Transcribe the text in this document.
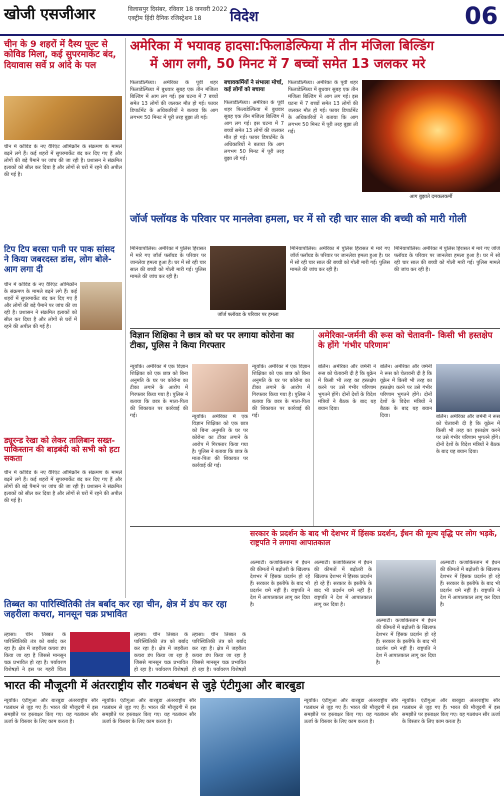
खोजी एसजीआर	विलासपुर दिसंबर, रविवार 18 जनवरी 2022
एक्ट्रीम हिंदी दैनिक रजिस्ट्रेशन 18	विदेश	06
चीन के 9 शहरों में दैस्य पुल्ट से कोविड मिला, कई सुपरमार्केट बंद, दियावास सर्वे प्र आंदे के पल
चीन में कोविड के नए वैरिएंट ओमिक्रॉन के संक्रमण के मामले बढ़ने लगे हैं। कई शहरों में सुपरमार्केट बंद कर दिए गए हैं और लोगों की बड़े पैमाने पर जांच की जा रही है। प्रशासन ने संक्रमित इलाकों को सील कर दिया है और लोगों से घरों में रहने की अपील की गई है।
टिप टिप बरसा पानी पर पाक सांसद ने किया जबरदस्त डांस, लोग बोले- आग लगा दी
चीन में कोविड के नए वैरिएंट ओमिक्रॉन के संक्रमण के मामले बढ़ने लगे हैं। कई शहरों में सुपरमार्केट बंद कर दिए गए हैं और लोगों की बड़े पैमाने पर जांच की जा रही है। प्रशासन ने संक्रमित इलाकों को सील कर दिया है और लोगों से घरों में रहने की अपील की गई है।
ड्यूरन्ड रेखा को लेकर तालिबान सख्त-पाकिस्तान की बाड़बंदी को सभी को हटा सकता
चीन में कोविड के नए वैरिएंट ओमिक्रॉन के संक्रमण के मामले बढ़ने लगे हैं। कई शहरों में सुपरमार्केट बंद कर दिए गए हैं और लोगों की बड़े पैमाने पर जांच की जा रही है। प्रशासन ने संक्रमित इलाकों को सील कर दिया है और लोगों से घरों में रहने की अपील की गई है।
अमेरिका में भयावह हादसा:फिलाडेल्फिया में तीन मंजिला बिल्डिंग
में आग लगी, 50 मिनट में 7 बच्चों समेत 13 जलकर मरे
फिलाडेल्फिया। अमेरिका के पूर्वी शहर फिलाडेल्फिया में बुधवार सुबह एक तीन मंजिला बिल्डिंग में आग लग गई। इस घटना में 7 बच्चों समेत 13 लोगों की जलकर मौत हो गई। फायर डिपार्टमेंट के अधिकारियों ने बताया कि आग लगभग 50 मिनट में पूरी तरह बुझा ली गई।
बचावकर्मियों ने संभाला मोर्चा, कई लोगों को बचाया
फिलाडेल्फिया। अमेरिका के पूर्वी शहर फिलाडेल्फिया में बुधवार सुबह एक तीन मंजिला बिल्डिंग में आग लग गई। इस घटना में 7 बच्चों समेत 13 लोगों की जलकर मौत हो गई। फायर डिपार्टमेंट के अधिकारियों ने बताया कि आग लगभग 50 मिनट में पूरी तरह बुझा ली गई।
फिलाडेल्फिया। अमेरिका के पूर्वी शहर फिलाडेल्फिया में बुधवार सुबह एक तीन मंजिला बिल्डिंग में आग लग गई। इस घटना में 7 बच्चों समेत 13 लोगों की जलकर मौत हो गई। फायर डिपार्टमेंट के अधिकारियों ने बताया कि आग लगभग 50 मिनट में पूरी तरह बुझा ली गई।
आग बुझाते दमकलकर्मी
जॉर्ज फ्लॉयड के परिवार पर मानलेवा हमला, घर में सो रही चार साल की बच्ची को मारी गोली
मिनियापोलिस। अमेरिका में पुलिस हिरासत में मारे गए जॉर्ज फ्लॉयड के परिवार पर जानलेवा हमला हुआ है। घर में सो रही चार साल की बच्ची को गोली मारी गई। पुलिस मामले की जांच कर रही है।
जॉर्ज फ्लॉयड के परिवार पर हमला
मिनियापोलिस। अमेरिका में पुलिस हिरासत में मारे गए जॉर्ज फ्लॉयड के परिवार पर जानलेवा हमला हुआ है। घर में सो रही चार साल की बच्ची को गोली मारी गई। पुलिस मामले की जांच कर रही है।
मिनियापोलिस। अमेरिका में पुलिस हिरासत में मारे गए जॉर्ज फ्लॉयड के परिवार पर जानलेवा हमला हुआ है। घर में सो रही चार साल की बच्ची को गोली मारी गई। पुलिस मामले की जांच कर रही है।
विज्ञान शिक्षिका ने छात्र को घर पर लगाया कोरोना का टीका, पुलिस ने किया गिरफ्तार
न्यूयॉर्क। अमेरिका में एक विज्ञान शिक्षिका को एक छात्र को बिना अनुमति के घर पर कोरोना का टीका लगाने के आरोप में गिरफ्तार किया गया है। पुलिस ने बताया कि छात्र के माता-पिता की शिकायत पर कार्रवाई की गई।	न्यूयॉर्क। अमेरिका में एक विज्ञान शिक्षिका को एक छात्र को बिना अनुमति के घर पर कोरोना का टीका लगाने के आरोप में गिरफ्तार किया गया है। पुलिस ने बताया कि छात्र के माता-पिता की शिकायत पर कार्रवाई की गई।
न्यूयॉर्क। अमेरिका में एक विज्ञान शिक्षिका को एक छात्र को बिना अनुमति के घर पर कोरोना का टीका लगाने के आरोप में गिरफ्तार किया गया है। पुलिस ने बताया कि छात्र के माता-पिता की शिकायत पर कार्रवाई की गई।
अमेरिका-जर्मनी की रूस को चेतावनी- किसी भी हस्तक्षेप के होंगे 'गंभीर परिणाम'
बर्लिन। अमेरिका और जर्मनी ने रूस को चेतावनी दी है कि यूक्रेन में किसी भी तरह का हस्तक्षेप करने पर उसे गंभीर परिणाम भुगतने होंगे। दोनों देशों के विदेश मंत्रियों ने बैठक के बाद यह बयान दिया।
बर्लिन। अमेरिका और जर्मनी ने रूस को चेतावनी दी है कि यूक्रेन में किसी भी तरह का हस्तक्षेप करने पर उसे गंभीर परिणाम भुगतने होंगे। दोनों देशों के विदेश मंत्रियों ने बैठक के बाद यह बयान दिया।	बर्लिन। अमेरिका और जर्मनी ने रूस को चेतावनी दी है कि यूक्रेन में किसी भी तरह का हस्तक्षेप करने पर उसे गंभीर परिणाम भुगतने होंगे। दोनों देशों के विदेश मंत्रियों ने बैठक के बाद यह बयान दिया।
सरकार के प्रदर्शन के बाद भी देशभर में हिंसक प्रदर्शन, ईंधन की मूल्य वृद्धि पर लोग भड़के, राष्ट्रपति ने लगाया आपातकाल
अल्माटी। कजाकिस्तान में ईंधन की कीमतों में बढ़ोतरी के खिलाफ देशभर में हिंसक प्रदर्शन हो रहे हैं। सरकार के इस्तीफे के बाद भी प्रदर्शन थमे नहीं हैं। राष्ट्रपति ने देश में आपातकाल लागू कर दिया है।
अल्माटी। कजाकिस्तान में ईंधन की कीमतों में बढ़ोतरी के खिलाफ देशभर में हिंसक प्रदर्शन हो रहे हैं। सरकार के इस्तीफे के बाद भी प्रदर्शन थमे नहीं हैं। राष्ट्रपति ने देश में आपातकाल लागू कर दिया है।
अल्माटी। कजाकिस्तान में ईंधन की कीमतों में बढ़ोतरी के खिलाफ देशभर में हिंसक प्रदर्शन हो रहे हैं। सरकार के इस्तीफे के बाद भी प्रदर्शन थमे नहीं हैं। राष्ट्रपति ने देश में आपातकाल लागू कर दिया है।
अल्माटी। कजाकिस्तान में ईंधन की कीमतों में बढ़ोतरी के खिलाफ देशभर में हिंसक प्रदर्शन हो रहे हैं। सरकार के इस्तीफे के बाद भी प्रदर्शन थमे नहीं हैं। राष्ट्रपति ने देश में आपातकाल लागू कर दिया है।
तिब्बत का पारिस्थितिकी तंत्र बर्बाद कर रहा चीन, क्षेत्र में डंप कर रहा जहरीला कचरा, मानसून चक्र प्रभावित
ल्हासा। चीन तिब्बत के पारिस्थितिकी तंत्र को बर्बाद कर रहा है। क्षेत्र में जहरीला कचरा डंप किया जा रहा है जिससे मानसून चक्र प्रभावित हो रहा है। पर्यावरण विशेषज्ञों ने इस पर गहरी चिंता
ल्हासा। चीन तिब्बत के पारिस्थितिकी तंत्र को बर्बाद कर रहा है। क्षेत्र में जहरीला कचरा डंप किया जा रहा है जिससे मानसून चक्र प्रभावित हो रहा है। पर्यावरण विशेषज्ञों
ल्हासा। चीन तिब्बत के पारिस्थितिकी तंत्र को बर्बाद कर रहा है। क्षेत्र में जहरीला कचरा डंप किया जा रहा है जिससे मानसून चक्र प्रभावित हो रहा है। पर्यावरण विशेषज्ञों
भारत की मौजूदगी में अंतरराष्ट्रीय सौर गठबंधन से जुड़े एंटीगुआ और बारबुडा
न्यूयॉर्क। एंटीगुआ और बारबुडा अंतरराष्ट्रीय सौर गठबंधन से जुड़ गए हैं। भारत की मौजूदगी में इस समझौते पर हस्ताक्षर किए गए। यह गठबंधन सौर ऊर्जा के विस्तार के लिए काम करता है।
न्यूयॉर्क। एंटीगुआ और बारबुडा अंतरराष्ट्रीय सौर गठबंधन से जुड़ गए हैं। भारत की मौजूदगी में इस समझौते पर हस्ताक्षर किए गए। यह गठबंधन सौर ऊर्जा के विस्तार के लिए काम करता है।
न्यूयॉर्क। एंटीगुआ और बारबुडा अंतरराष्ट्रीय सौर गठबंधन से जुड़ गए हैं। भारत की मौजूदगी में इस समझौते पर हस्ताक्षर किए गए। यह गठबंधन सौर ऊर्जा के विस्तार के लिए काम करता है।
न्यूयॉर्क। एंटीगुआ और बारबुडा अंतरराष्ट्रीय सौर गठबंधन से जुड़ गए हैं। भारत की मौजूदगी में इस समझौते पर हस्ताक्षर किए गए। यह गठबंधन सौर ऊर्जा के विस्तार के लिए काम करता है।
